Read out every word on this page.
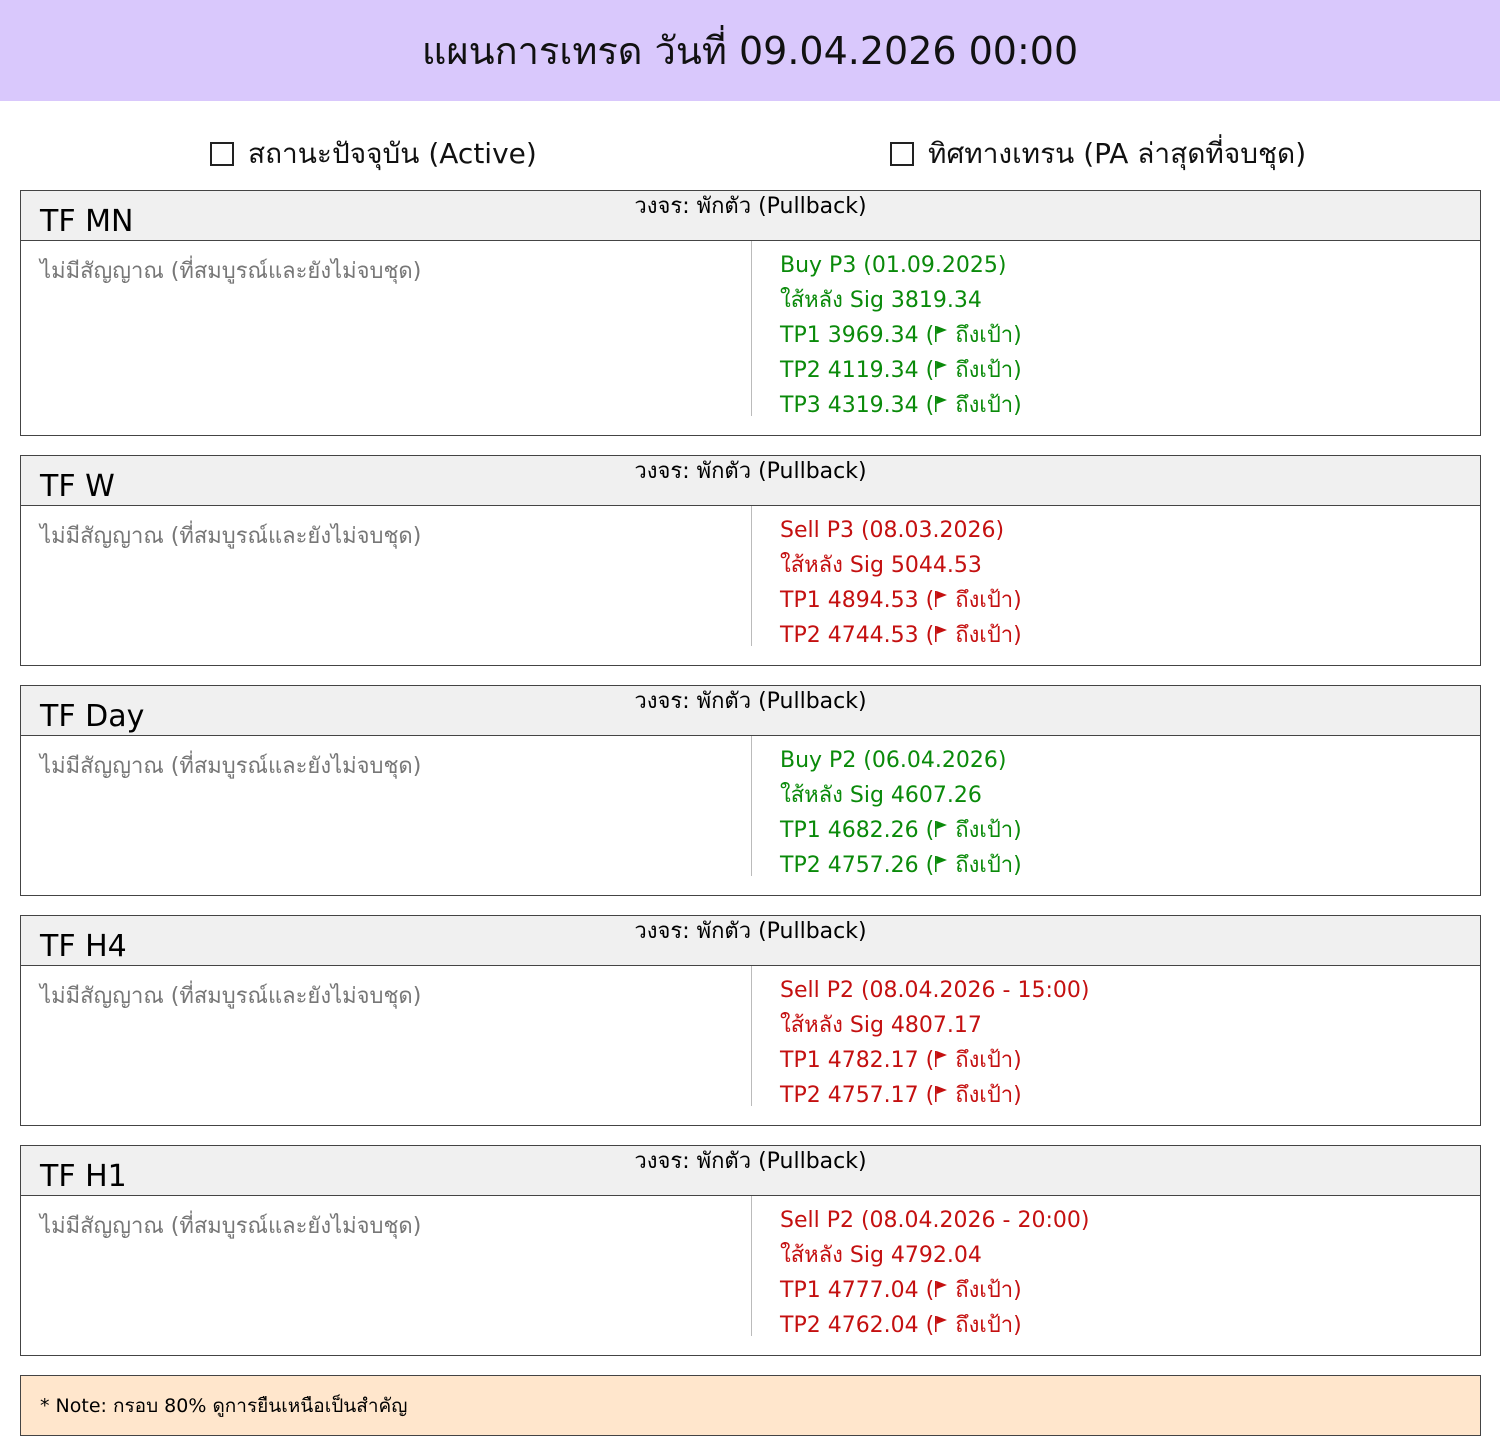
แผนการเทรด วันที่ 09.04.2026 00:00
สถานะปัจจุบัน (Active)	ทิศทางเทรน (PA ล่าสุดที่จบชุด)
วงจร: พักตัว (Pullback)
TF MN
ไม่มีสัญญาณ (ที่สมบูรณ์และยังไม่จบชุด)	Buy P3 (01.09.2025)
ใส้หลัง Sig 3819.34
TP1 3969.34 ( ถึงเป้า)
TP2 4119.34 ( ถึงเป้า)
TP3 4319.34 ( ถึงเป้า)
วงจร: พักตัว (Pullback)
TF W
ไม่มีสัญญาณ (ที่สมบูรณ์และยังไม่จบชุด)	Sell P3 (08.03.2026)
ใส้หลัง Sig 5044.53
TP1 4894.53 ( ถึงเป้า)
TP2 4744.53 ( ถึงเป้า)
วงจร: พักตัว (Pullback)
TF Day
ไม่มีสัญญาณ (ที่สมบูรณ์และยังไม่จบชุด)	Buy P2 (06.04.2026)
ใส้หลัง Sig 4607.26
TP1 4682.26 ( ถึงเป้า)
TP2 4757.26 ( ถึงเป้า)
วงจร: พักตัว (Pullback)
TF H4
ไม่มีสัญญาณ (ที่สมบูรณ์และยังไม่จบชุด)	Sell P2 (08.04.2026 - 15:00)
ใส้หลัง Sig 4807.17
TP1 4782.17 ( ถึงเป้า)
TP2 4757.17 ( ถึงเป้า)
วงจร: พักตัว (Pullback)
TF H1
ไม่มีสัญญาณ (ที่สมบูรณ์และยังไม่จบชุด)	Sell P2 (08.04.2026 - 20:00)
ใส้หลัง Sig 4792.04
TP1 4777.04 ( ถึงเป้า)
TP2 4762.04 ( ถึงเป้า)
* Note: กรอบ 80% ดูการยืนเหนือเป็นสำคัญ
